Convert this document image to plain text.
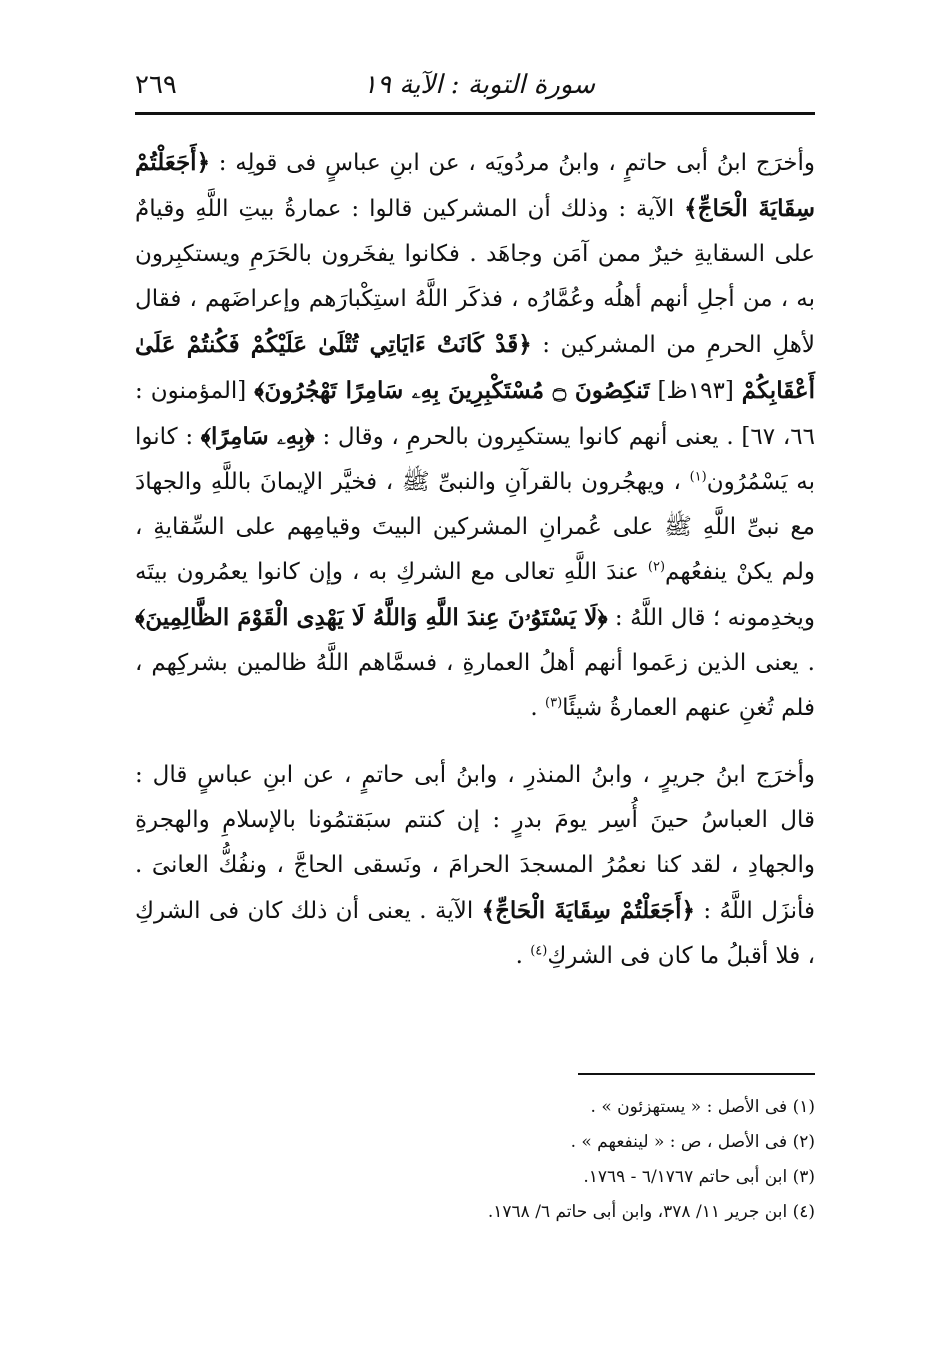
سورة التوبة : الآية ١٩
٢٦٩

وأخرَج ابنُ أبى حاتمٍ ، وابنُ مردُويَه ، عن ابنِ عباسٍ فى قولِه : ﴿أَجَعَلْتُمْ سِقَايَةَ الْحَاجِّ﴾ الآية : وذلك أن المشركين قالوا : عمارةُ بيتِ اللَّهِ وقيامٌ على السقايةِ خيرٌ ممن آمَن وجاهَد . فكانوا يفخَرون بالحَرَمِ ويستكبِرون به ، من أجلِ أنهم أهلُه وعُمَّارُه ، فذكَر اللَّهُ استِكْبارَهم وإعراضَهم ، فقال لأهلِ الحرمِ من المشركين : ﴿قَدْ كَانَتْ ءَايَاتِي تُتْلَىٰ عَلَيْكُمْ فَكُنتُمْ عَلَىٰ أَعْقَابِكُمْ [١٩٣ظ] تَنكِصُونَ ۝ مُسْتَكْبِرِينَ بِهِۦ سَامِرًا تَهْجُرُونَ﴾ [المؤمنون : ٦٦، ٦٧] . يعنى أنهم كانوا يستكبِرون بالحرمِ ، وقال : ﴿بِهِۦ سَامِرًا﴾ : كانوا به يَسْمُرُون$^{(١)}$ ، ويهجُرون بالقرآنِ والنبىِّ ﷺ ، فخيَّر الإيمانَ باللَّهِ والجهادَ مع نبىِّ اللَّهِ ﷺ على عُمرانِ المشركين البيتَ وقيامِهم على السِّقايةِ ، ولم يكنْ ينفعُهم$^{(٢)}$ عندَ اللَّهِ تعالى مع الشركِ به ، وإن كانوا يعمُرون بيتَه ويخدِمونه ؛ قال اللَّهُ : ﴿لَا يَسْتَوُۥنَ عِندَ اللَّهِ وَاللَّهُ لَا يَهْدِى الْقَوْمَ الظَّالِمِينَ﴾ . يعنى الذين زعَموا أنهم أهلُ العمارةِ ، فسمَّاهم اللَّهُ ظالمين بشركِهم ، فلم تُغنِ عنهم العمارةُ شيئًا$^{(٣)}$ .

وأخرَج ابنُ جريرٍ ، وابنُ المنذرِ ، وابنُ أبى حاتمٍ ، عن ابنِ عباسٍ قال : قال العباسُ حينَ أُسِر يومَ بدرٍ : إن كنتم سبَقتمُونا بالإسلامِ والهجرةِ والجهادِ ، لقد كنا نعمُرُ المسجدَ الحرامَ ، ونَسقى الحاجَّ ، ونفُكُّ العانىَ . فأنزَل اللَّهُ : ﴿أَجَعَلْتُمْ سِقَايَةَ الْحَاجِّ﴾ الآية . يعنى أن ذلك كان فى الشركِ ، فلا أقبلُ ما كان فى الشركِ$^{(٤)}$ .

(١) فى الأصل : « يستهزئون » .
(٢) فى الأصل ، ص : « لينفعهم » .
(٣) ابن أبى حاتم ٦/١٧٦٧ - ١٧٦٩.
(٤) ابن جرير ١١/ ٣٧٨، وابن أبى حاتم ٦/ ١٧٦٨.
